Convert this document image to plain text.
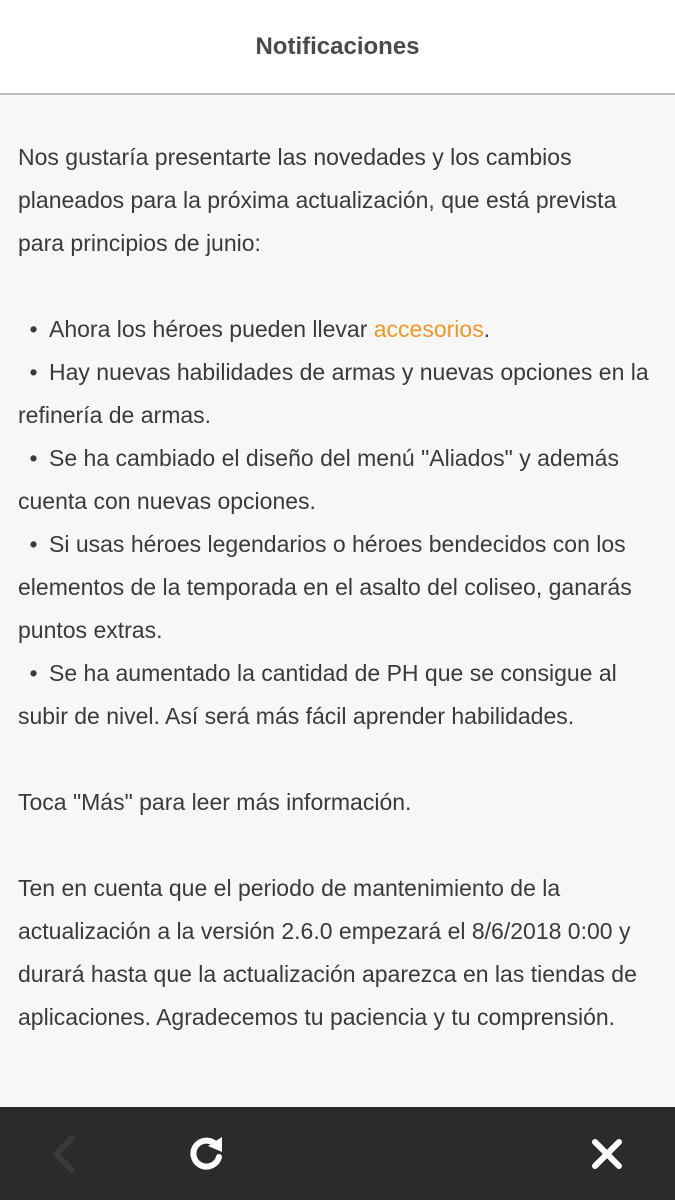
Notificaciones

Nos gustaría presentarte las novedades y los cambios planeados para la próxima actualización, que está prevista para principios de junio:

• Ahora los héroes pueden llevar accesorios.

• Hay nuevas habilidades de armas y nuevas opciones en la refinería de armas.

• Se ha cambiado el diseño del menú "Aliados" y además cuenta con nuevas opciones.

• Si usas héroes legendarios o héroes bendecidos con los elementos de la temporada en el asalto del coliseo, ganarás puntos extras.

• Se ha aumentado la cantidad de PH que se consigue al subir de nivel. Así será más fácil aprender habilidades.

Toca "Más" para leer más información.

Ten en cuenta que el periodo de mantenimiento de la actualización a la versión 2.6.0 empezará el 8/6/2018 0:00 y durará hasta que la actualización aparezca en las tiendas de aplicaciones. Agradecemos tu paciencia y tu comprensión.
